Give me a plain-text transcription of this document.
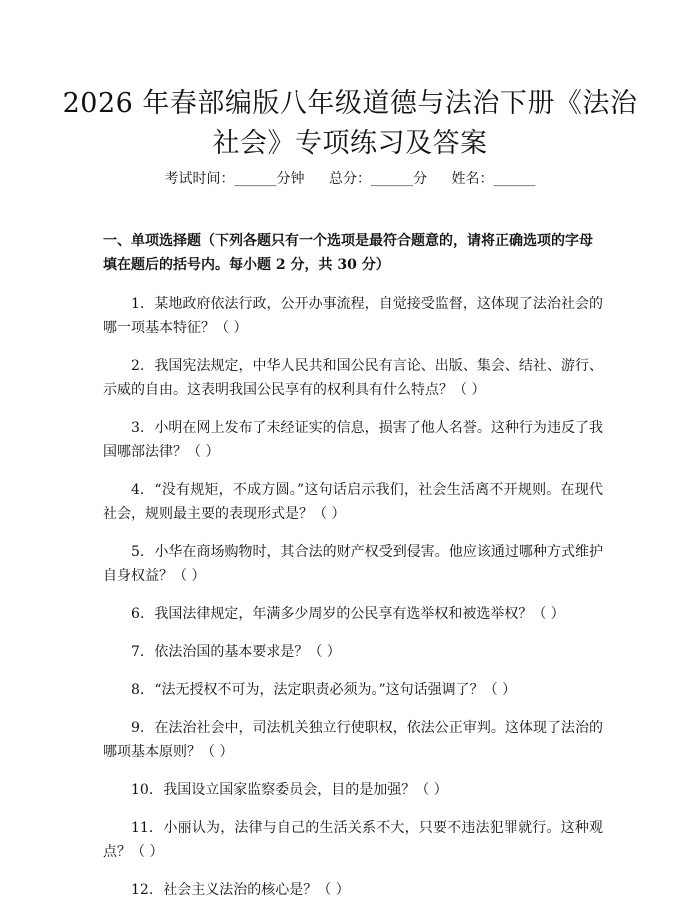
2026 年春部编版八年级道德与法治下册《法治社会》专项练习及答案
考试时间：______分钟 总分：______分 姓名：______
一、单项选择题（下列各题只有一个选项是最符合题意的，请将正确选项的字母填在题后的括号内。每小题 2 分，共 30 分）

1. 某地政府依法行政，公开办事流程，自觉接受监督，这体现了法治社会的哪一项基本特征？（ ）

2. 我国宪法规定，中华人民共和国公民有言论、出版、集会、结社、游行、示威的自由。这表明我国公民享有的权利具有什么特点？（ ）

3. 小明在网上发布了未经证实的信息，损害了他人名誉。这种行为违反了我国哪部法律？（ ）

4. “没有规矩，不成方圆。”这句话启示我们，社会生活离不开规则。在现代社会，规则最主要的表现形式是？（ ）

5. 小华在商场购物时，其合法的财产权受到侵害。他应该通过哪种方式维护自身权益？（ ）

6. 我国法律规定，年满多少周岁的公民享有选举权和被选举权？（ ）

7. 依法治国的基本要求是？（ ）

8. “法无授权不可为，法定职责必须为。”这句话强调了？（ ）

9. 在法治社会中，司法机关独立行使职权，依法公正审判。这体现了法治的哪项基本原则？（ ）

10. 我国设立国家监察委员会，目的是加强？（ ）

11. 小丽认为，法律与自己的生活关系不大，只要不违法犯罪就行。这种观点？（ ）

12. 社会主义法治的核心是？（ ）
